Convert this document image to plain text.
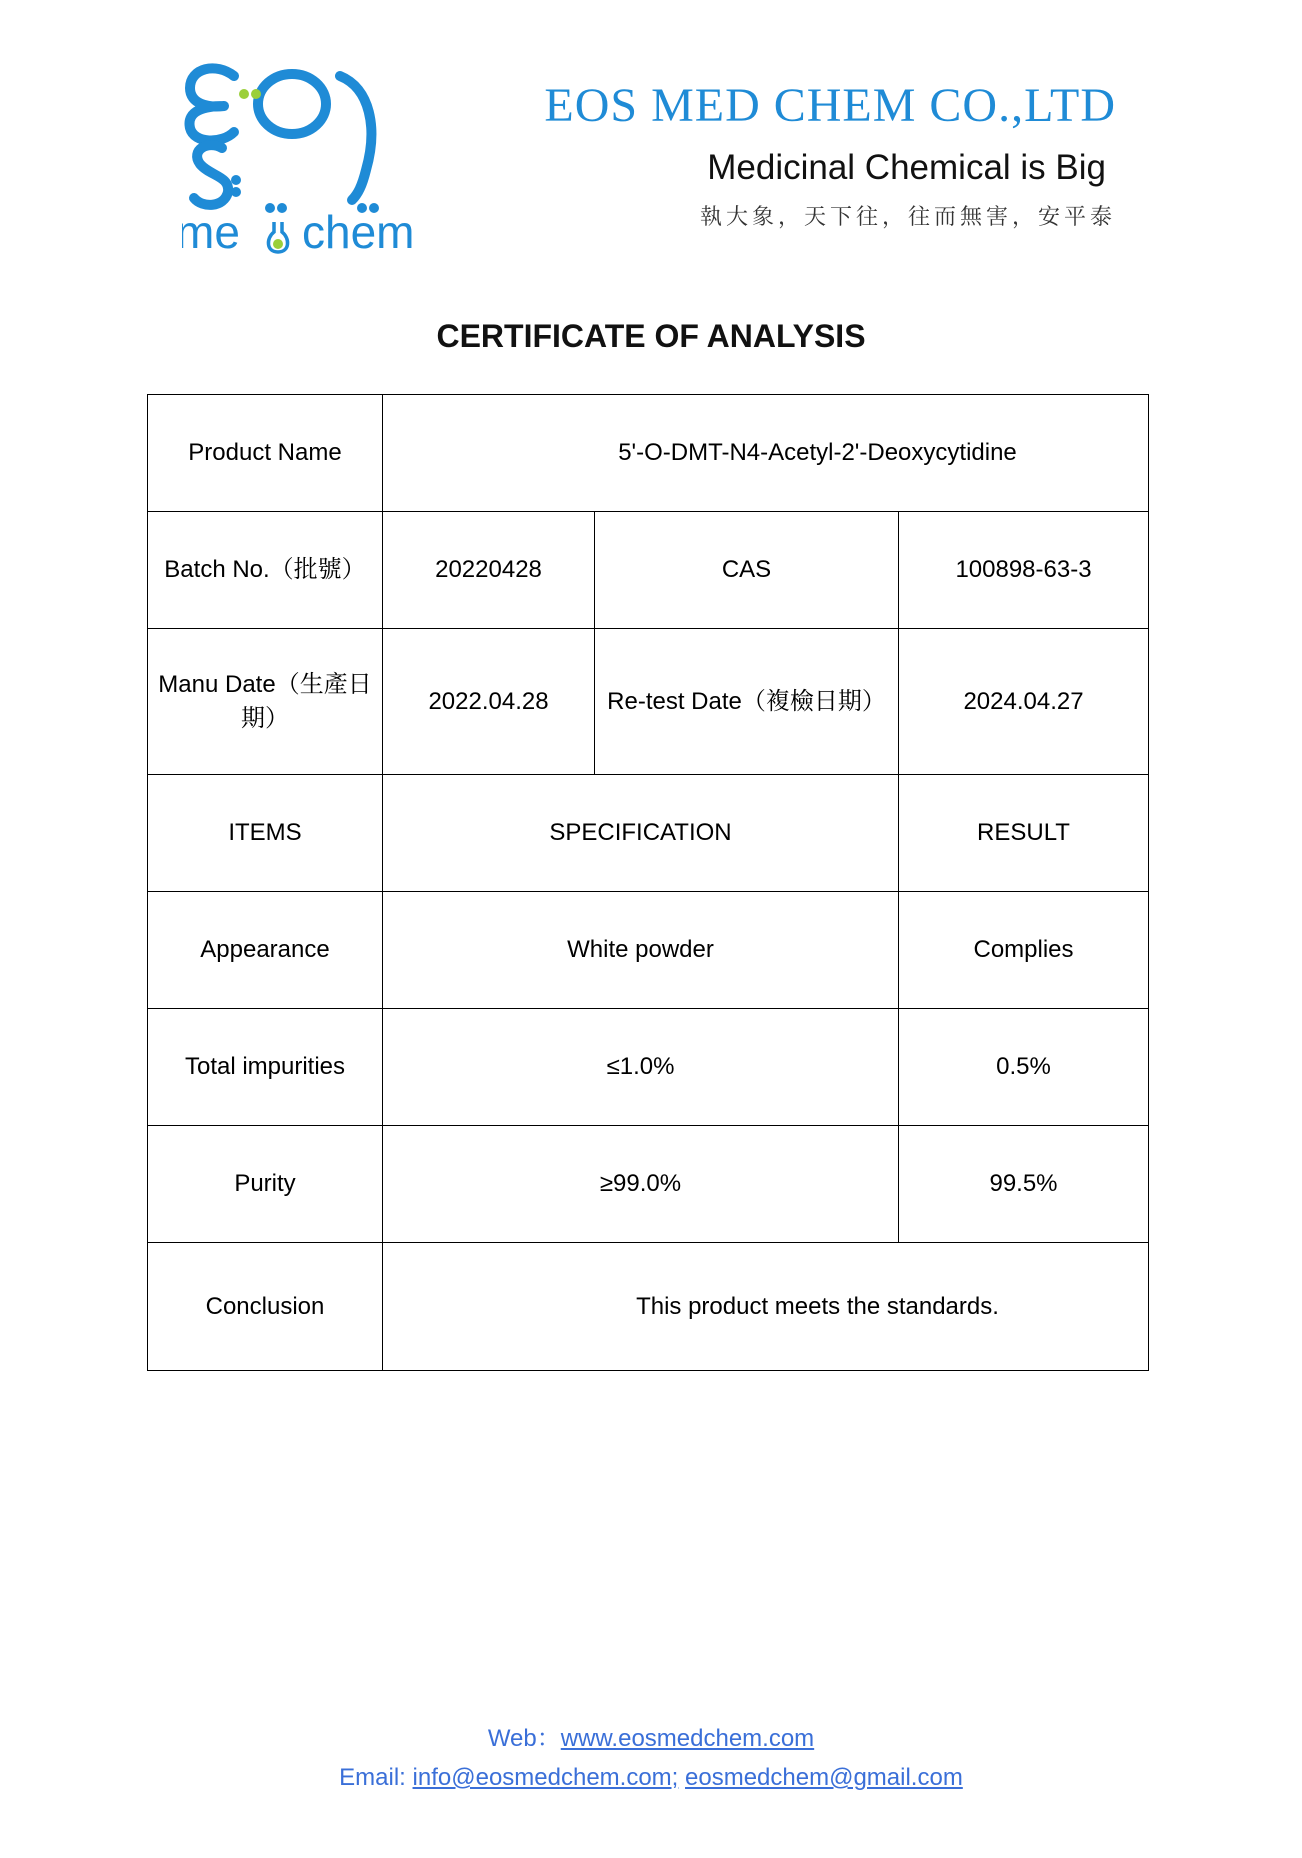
me chem
EOS MED CHEM CO.,LTD
Medicinal Chemical is Big
執大象，天下往，往而無害，安平泰
CERTIFICATE OF ANALYSIS
Product Name	5'-O-DMT-N4-Acetyl-2'-Deoxycytidine		
Batch No.（批號）	20220428	CAS	100898-63-3
Manu Date（生產日
期）	2022.04.28	Re-test Date（複檢日期）	2024.04.27
ITEMS	SPECIFICATION		RESULT
Appearance	White powder		Complies
Total impurities	≤1.0%		0.5%
Purity	≥99.0%		99.5%
Conclusion	This product meets the standards.		
Web：www.eosmedchem.com
Email: info@eosmedchem.com; eosmedchem@gmail.com
